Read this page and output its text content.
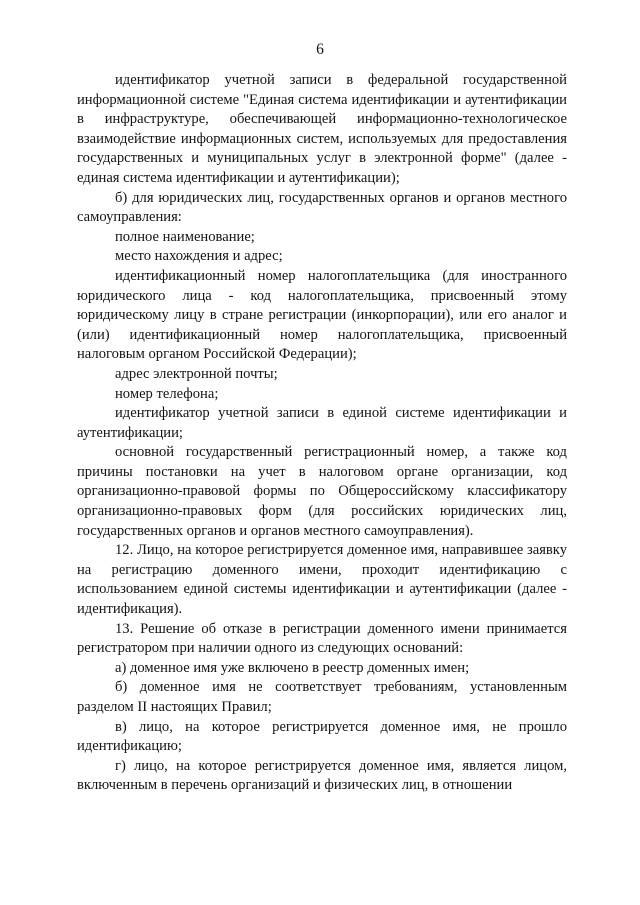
6

идентификатор учетной записи в федеральной государственной информационной системе "Единая система идентификации и аутентификации в инфраструктуре, обеспечивающей информационно-технологическое взаимодействие информационных систем, используемых для предоставления государственных и муниципальных услуг в электронной форме" (далее - единая система идентификации и аутентификации);

б) для юридических лиц, государственных органов и органов местного самоуправления:

полное наименование;

место нахождения и адрес;

идентификационный номер налогоплательщика (для иностранного юридического лица - код налогоплательщика, присвоенный этому юридическому лицу в стране регистрации (инкорпорации), или его аналог и (или) идентификационный номер налогоплательщика, присвоенный налоговым органом Российской Федерации);

адрес электронной почты;

номер телефона;

идентификатор учетной записи в единой системе идентификации и аутентификации;

основной государственный регистрационный номер, а также код причины постановки на учет в налоговом органе организации, код организационно-правовой формы по Общероссийскому классификатору организационно-правовых форм (для российских юридических лиц, государственных органов и органов местного самоуправления).

12. Лицо, на которое регистрируется доменное имя, направившее заявку на регистрацию доменного имени, проходит идентификацию с использованием единой системы идентификации и аутентификации (далее - идентификация).

13. Решение об отказе в регистрации доменного имени принимается регистратором при наличии одного из следующих оснований:

а) доменное имя уже включено в реестр доменных имен;

б) доменное имя не соответствует требованиям, установленным разделом II настоящих Правил;

в) лицо, на которое регистрируется доменное имя, не прошло идентификацию;

г) лицо, на которое регистрируется доменное имя, является лицом, включенным в перечень организаций и физических лиц, в отношении
